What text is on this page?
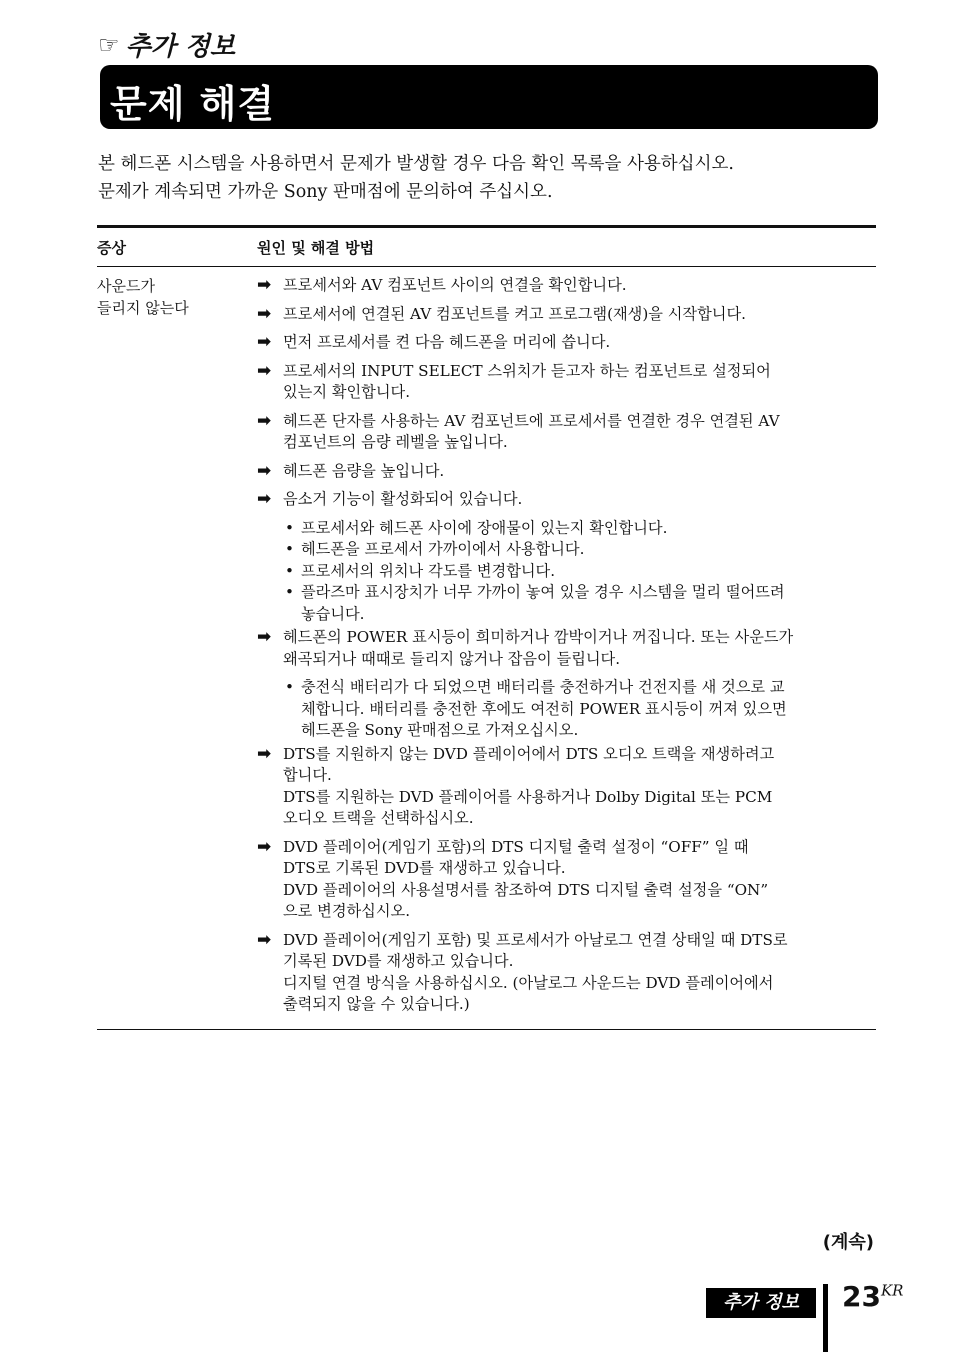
☞ 추가 정보
문제 해결

본 헤드폰 시스템을 사용하면서 문제가 발생할 경우 다음 확인 목록을 사용하십시오.

문제가 계속되면 가까운 Sony 판매점에 문의하여 주십시오.

증상	원인 및 해결 방법
사운드가
들리지 않는다
➡ 프로세서와 AV 컴포넌트 사이의 연결을 확인합니다.
➡ 프로세서에 연결된 AV 컴포넌트를 켜고 프로그램(재생)을 시작합니다.
➡ 먼저 프로세서를 켠 다음 헤드폰을 머리에 씁니다.
➡ 프로세서의 INPUT SELECT 스위치가 듣고자 하는 컴포넌트로 설정되어
있는지 확인합니다.
➡ 헤드폰 단자를 사용하는 AV 컴포넌트에 프로세서를 연결한 경우 연결된 AV
컴포넌트의 음량 레벨을 높입니다.
➡ 헤드폰 음량을 높입니다.
➡ 음소거 기능이 활성화되어 있습니다.
• 프로세서와 헤드폰 사이에 장애물이 있는지 확인합니다.
• 헤드폰을 프로세서 가까이에서 사용합니다.
• 프로세서의 위치나 각도를 변경합니다.
• 플라즈마 표시장치가 너무 가까이 놓여 있을 경우 시스템을 멀리 떨어뜨려
놓습니다.
➡ 헤드폰의 POWER 표시등이 희미하거나 깜박이거나 꺼집니다. 또는 사운드가
왜곡되거나 때때로 들리지 않거나 잡음이 들립니다.
• 충전식 배터리가 다 되었으면 배터리를 충전하거나 건전지를 새 것으로 교
체합니다. 배터리를 충전한 후에도 여전히 POWER 표시등이 꺼져 있으면
헤드폰을 Sony 판매점으로 가져오십시오.
➡ DTS를 지원하지 않는 DVD 플레이어에서 DTS 오디오 트랙을 재생하려고
합니다.
DTS를 지원하는 DVD 플레이어를 사용하거나 Dolby Digital 또는 PCM
오디오 트랙을 선택하십시오.
➡ DVD 플레이어(게임기 포함)의 DTS 디지털 출력 설정이 “OFF” 일 때
DTS로 기록된 DVD를 재생하고 있습니다.
DVD 플레이어의 사용설명서를 참조하여 DTS 디지털 출력 설정을 “ON”
으로 변경하십시오.
➡ DVD 플레이어(게임기 포함) 및 프로세서가 아날로그 연결 상태일 때 DTS로
기록된 DVD를 재생하고 있습니다.
디지털 연결 방식을 사용하십시오. (아날로그 사운드는 DVD 플레이어에서
출력되지 않을 수 있습니다.)
(계속)
추가 정보	$23^{KR}$
